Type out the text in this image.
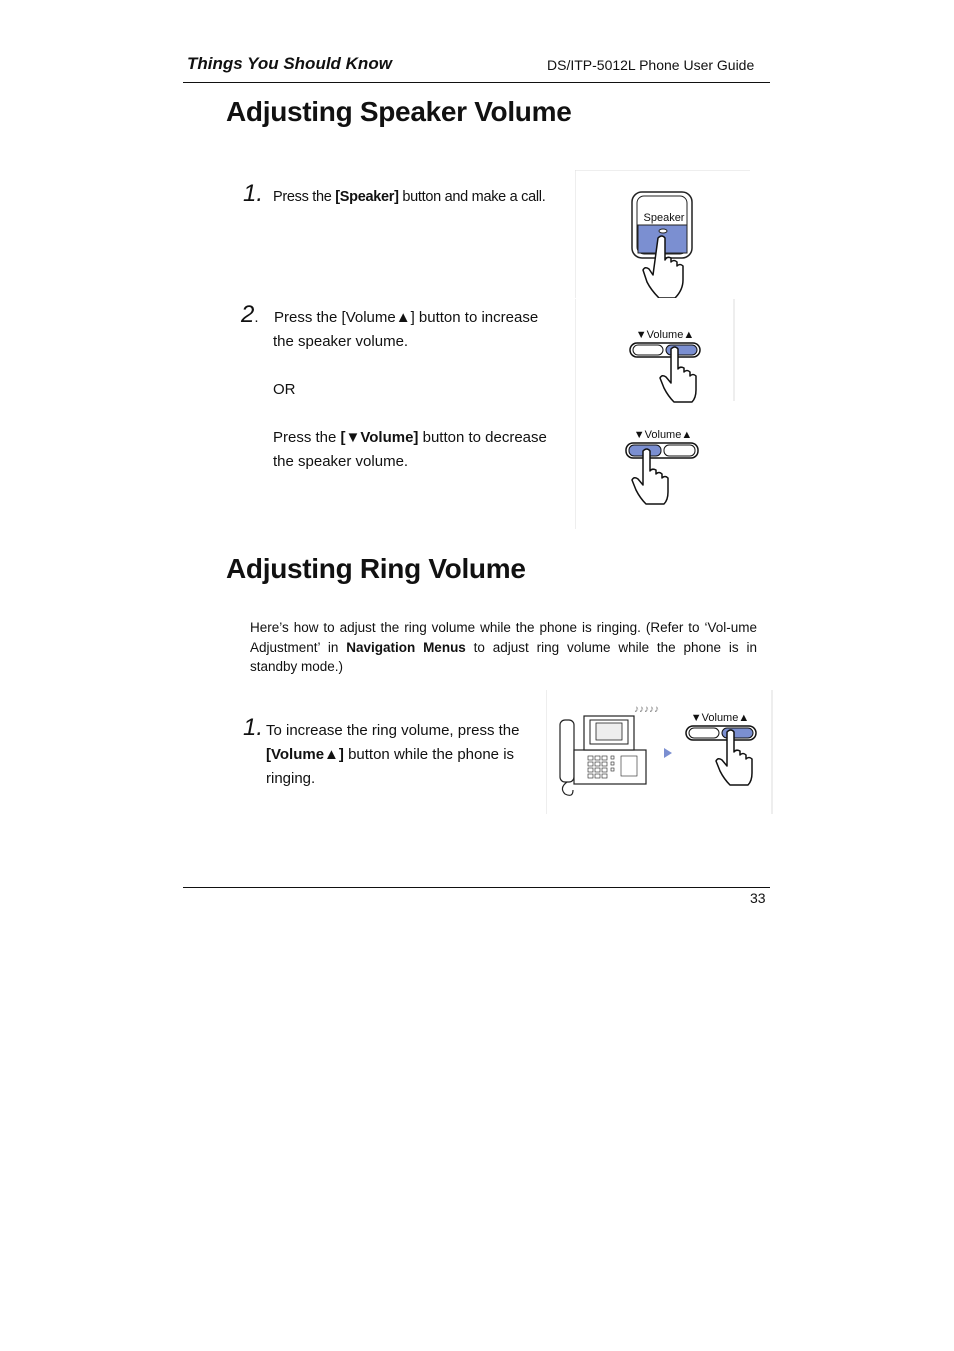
Things You Should Know	DS/ITP-5012L Phone User Guide
Adjusting Speaker Volume
1. Press the [Speaker] button and make a call.
Speaker
2. Press the [Volume▲] button to increase
the speaker volume.
OR
Press the [▼Volume] button to decrease
the speaker volume.
▼Volume▲
▼Volume▲
Adjusting Ring Volume
Here’s how to adjust the ring volume while the phone is ringing. (Refer to ‘Vol-ume Adjustment’ in Navigation Menus to adjust ring volume while the phone is in standby mode.)
1. To increase the ring volume, press the
[Volume▲] button while the phone is
ringing.
♪♪♪♪♪
▼Volume▲
33
